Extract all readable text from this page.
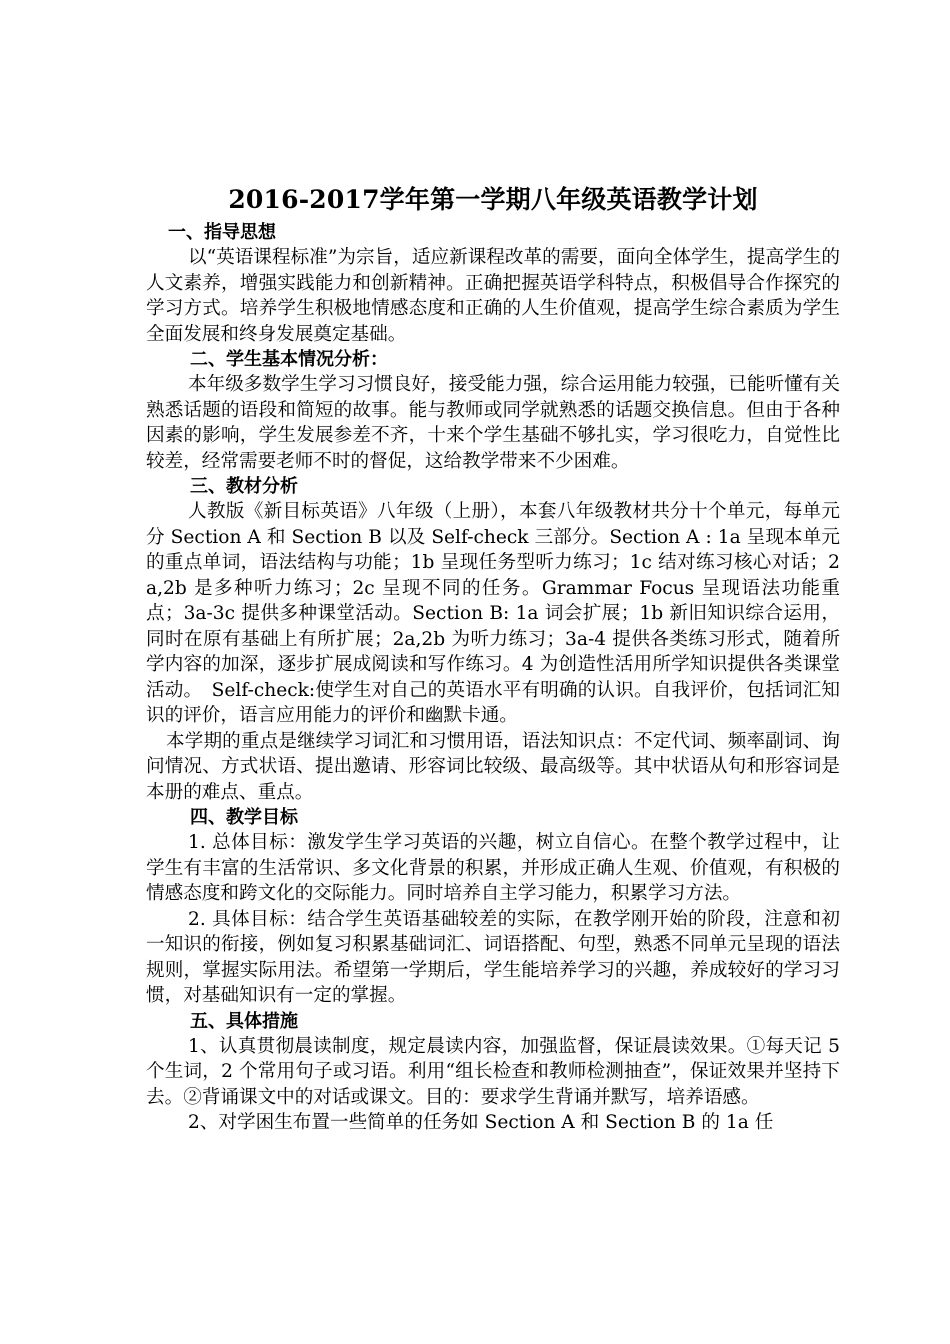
2016-2017学年第一学期八年级英语教学计划
一、指导思想

以“英语课程标准”为宗旨，适应新课程改革的需要，面向全体学生，提高学生的人文素养，增强实践能力和创新精神。正确把握英语学科特点，积极倡导合作探究的学习方式。培养学生积极地情感态度和正确的人生价值观，提高学生综合素质为学生全面发展和终身发展奠定基础。

二、学生基本情况分析：

本年级多数学生学习习惯良好，接受能力强，综合运用能力较强，已能听懂有关熟悉话题的语段和简短的故事。能与教师或同学就熟悉的话题交换信息。但由于各种因素的影响，学生发展参差不齐，十来个学生基础不够扎实，学习很吃力，自觉性比较差，经常需要老师不时的督促，这给教学带来不少困难。

三、教材分析

人教版《新目标英语》八年级（上册），本套八年级教材共分十个单元，每单元分 Section A 和 Section B 以及 Self-check 三部分。Section A : 1a 呈现本单元的重点单词，语法结构与功能；1b 呈现任务型听力练习；1c 结对练习核心对话；2a,2b 是多种听力练习；2c 呈现不同的任务。Grammar Focus 呈现语法功能重点；3a-3c 提供多种课堂活动。Section B: 1a 词会扩展；1b 新旧知识综合运用，同时在原有基础上有所扩展；2a,2b 为听力练习；3a-4 提供各类练习形式，随着所学内容的加深，逐步扩展成阅读和写作练习。4 为创造性活用所学知识提供各类课堂活动。　Self-check:使学生对自己的英语水平有明确的认识。自我评价，包括词汇知识的评价，语言应用能力的评价和幽默卡通。

本学期的重点是继续学习词汇和习惯用语，语法知识点：不定代词、频率副词、询问情况、方式状语、提出邀请、形容词比较级、最高级等。其中状语从句和形容词是本册的难点、重点。

四、教学目标

1. 总体目标：激发学生学习英语的兴趣，树立自信心。在整个教学过程中，让学生有丰富的生活常识、多文化背景的积累，并形成正确人生观、价值观，有积极的情感态度和跨文化的交际能力。同时培养自主学习能力，积累学习方法。

2. 具体目标：结合学生英语基础较差的实际，在教学刚开始的阶段，注意和初一知识的衔接，例如复习积累基础词汇、词语搭配、句型，熟悉不同单元呈现的语法规则，掌握实际用法。希望第一学期后，学生能培养学习的兴趣，养成较好的学习习惯，对基础知识有一定的掌握。

五、具体措施

1、认真贯彻晨读制度，规定晨读内容，加强监督，保证晨读效果。①每天记 5 个生词，2 个常用句子或习语。利用“组长检查和教师检测抽查”，保证效果并坚持下去。②背诵课文中的对话或课文。目的：要求学生背诵并默写，培养语感。

2、对学困生布置一些简单的任务如 Section A 和 Section B 的 1a 任
